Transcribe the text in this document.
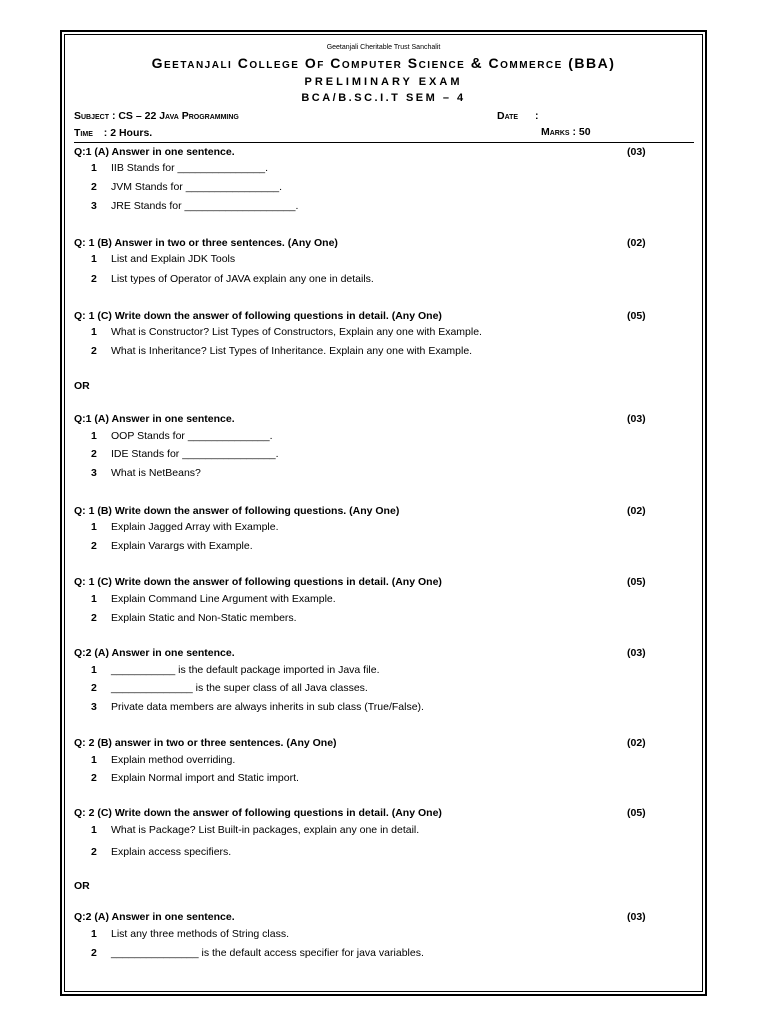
Geetanjali Cheritable Trust Sanchalit
Geetanjali College Of Computer Science & Commerce (BBA)
PRELIMINARY EXAM
BCA/B.SC.I.T SEM – 4
Subject : CS – 22 Java Programming	Date :
Time : 2 Hours.	Marks : 50
Q:1 (A) Answer in one sentence.	(03)
1 IIB Stands for _______________.
2 JVM Stands for ________________.
3 JRE Stands for ___________________.
Q: 1 (B) Answer in two or three sentences. (Any One)	(02)
1 List and Explain JDK Tools
2 List types of Operator of JAVA explain any one in details.
Q: 1 (C) Write down the answer of following questions in detail. (Any One)	(05)
1 What is Constructor? List Types of Constructors, Explain any one with Example.
2 What is Inheritance? List Types of Inheritance. Explain any one with Example.
OR
Q:1 (A) Answer in one sentence.	(03)
1 OOP Stands for ______________.
2 IDE Stands for ________________.
3 What is NetBeans?
Q: 1 (B) Write down the answer of following questions. (Any One)	(02)
1 Explain Jagged Array with Example.
2 Explain Varargs with Example.
Q: 1 (C) Write down the answer of following questions in detail. (Any One)	(05)
1 Explain Command Line Argument with Example.
2 Explain Static and Non-Static members.
Q:2 (A) Answer in one sentence.	(03)
1 ___________ is the default package imported in Java file.
2 ______________ is the super class of all Java classes.
3 Private data members are always inherits in sub class (True/False).
Q: 2 (B) answer in two or three sentences. (Any One)	(02)
1 Explain method overriding.
2 Explain Normal import and Static import.
Q: 2 (C) Write down the answer of following questions in detail. (Any One)	(05)
1 What is Package? List Built-in packages, explain any one in detail.
2 Explain access specifiers.
OR
Q:2 (A) Answer in one sentence.	(03)
1 List any three methods of String class.
2 _______________ is the default access specifier for java variables.
